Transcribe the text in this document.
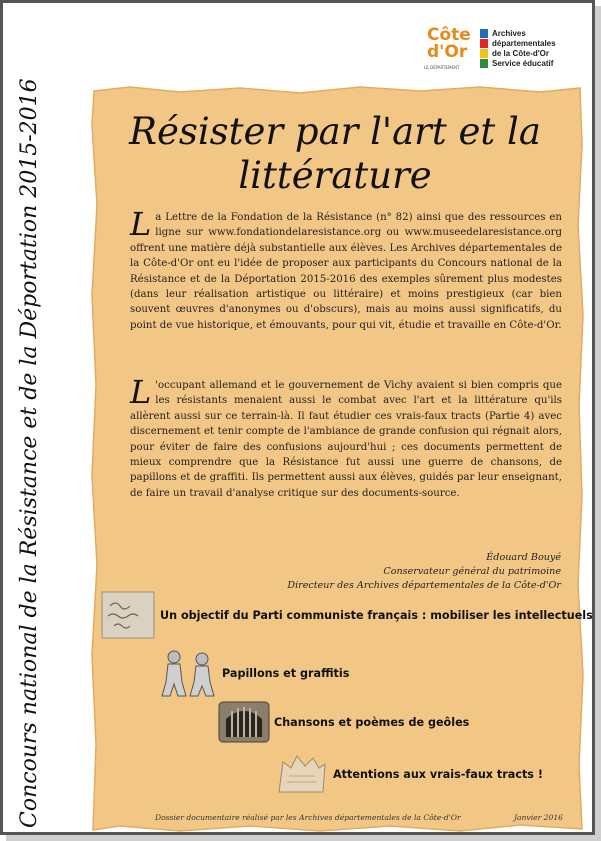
Concours national de la Résistance et de la Déportation 2015-2016
Côte
d'Or
LE DÉPARTEMENT
Archives
départementales
de la Côte-d'Or
Service éducatif
Résister par l'art et la littérature
La Lettre de la Fondation de la Résistance (n° 82) ainsi que des ressources en ligne sur www.fondationdelaresistance.org ou www.museedelaresistance.org offrent une matière déjà substantielle aux élèves. Les Archives départementales de la Côte-d'Or ont eu l'idée de proposer aux participants du Concours national de la Résistance et de la Déportation 2015-2016 des exemples sûrement plus modestes (dans leur réalisation artistique ou littéraire) et moins prestigieux (car bien souvent œuvres d'anonymes ou d'obscurs), mais au moins aussi significatifs, du point de vue historique, et émouvants, pour qui vit, étudie et travaille en Côte-d'Or.
L 'occupant allemand et le gouvernement de Vichy avaient si bien compris que les résistants menaient aussi le combat avec l'art et la littérature qu'ils allèrent aussi sur ce terrain-là. Il faut étudier ces vrais-faux tracts (Partie 4) avec discernement et tenir compte de l'ambiance de grande confusion qui régnait alors, pour éviter de faire des confusions aujourd'hui ; ces documents permettent de mieux comprendre que la Résistance fut aussi une guerre de chansons, de papillons et de graffiti. Ils permettent aussi aux élèves, guidés par leur enseignant, de faire un travail d'analyse critique sur des documents-source.
Édouard Bouyé
Conservateur général du patrimoine
Directeur des Archives départementales de la Côte-d'Or
Un objectif du Parti communiste français : mobiliser les intellectuels
Papillons et graffitis
Chansons et poèmes de geôles
Attentions aux vrais-faux tracts !
Dossier documentaire réalisé par les Archives départementales de la Côte-d'Or	Janvier 2016
